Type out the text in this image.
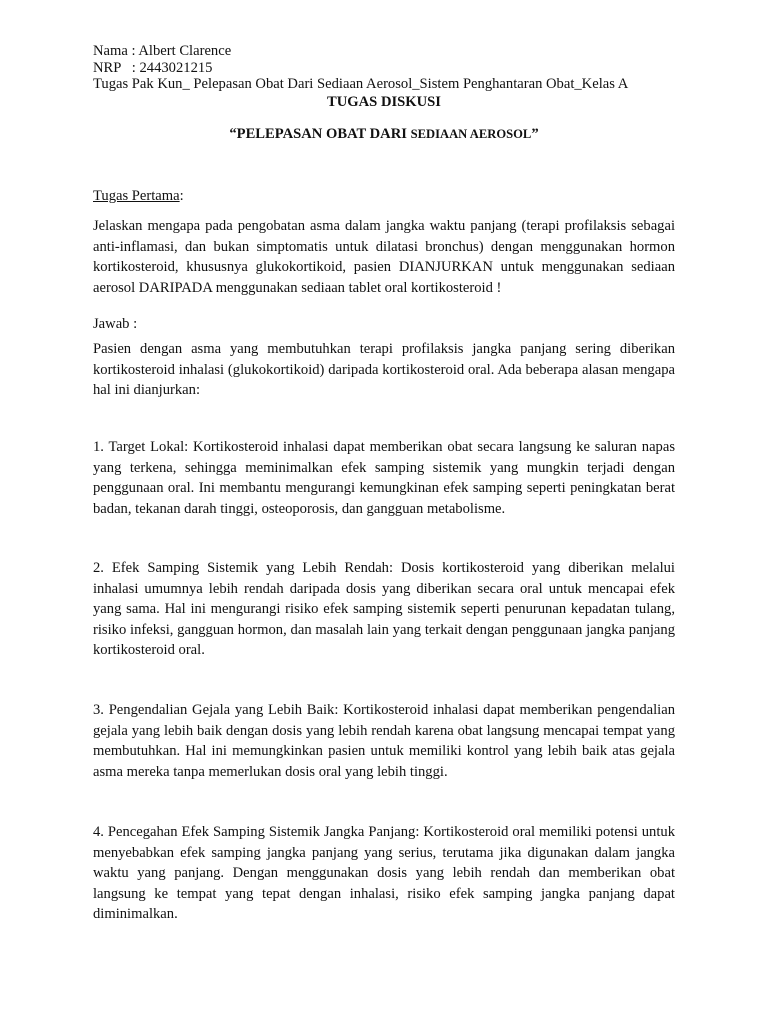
Nama : Albert Clarence
NRP   : 2443021215
Tugas Pak Kun_ Pelepasan Obat Dari Sediaan Aerosol_Sistem Penghantaran Obat_Kelas A
TUGAS DISKUSI
“PELEPASAN OBAT DARI SEDIAAN AEROSOL”
Tugas Pertama:
Jelaskan mengapa pada pengobatan asma dalam jangka waktu panjang (terapi profilaksis sebagai anti-inflamasi, dan bukan simptomatis untuk dilatasi bronchus) dengan menggunakan hormon kortikosteroid, khususnya glukokortikoid, pasien DIANJURKAN untuk menggunakan sediaan aerosol DARIPADA menggunakan sediaan tablet oral kortikosteroid !
Jawab :
Pasien dengan asma yang membutuhkan terapi profilaksis jangka panjang sering diberikan kortikosteroid inhalasi (glukokortikoid) daripada kortikosteroid oral. Ada beberapa alasan mengapa hal ini dianjurkan:
1. Target Lokal: Kortikosteroid inhalasi dapat memberikan obat secara langsung ke saluran napas yang terkena, sehingga meminimalkan efek samping sistemik yang mungkin terjadi dengan penggunaan oral. Ini membantu mengurangi kemungkinan efek samping seperti peningkatan berat badan, tekanan darah tinggi, osteoporosis, dan gangguan metabolisme.
2. Efek Samping Sistemik yang Lebih Rendah: Dosis kortikosteroid yang diberikan melalui inhalasi umumnya lebih rendah daripada dosis yang diberikan secara oral untuk mencapai efek yang sama. Hal ini mengurangi risiko efek samping sistemik seperti penurunan kepadatan tulang, risiko infeksi, gangguan hormon, dan masalah lain yang terkait dengan penggunaan jangka panjang kortikosteroid oral.
3. Pengendalian Gejala yang Lebih Baik: Kortikosteroid inhalasi dapat memberikan pengendalian gejala yang lebih baik dengan dosis yang lebih rendah karena obat langsung mencapai tempat yang membutuhkan. Hal ini memungkinkan pasien untuk memiliki kontrol yang lebih baik atas gejala asma mereka tanpa memerlukan dosis oral yang lebih tinggi.
4. Pencegahan Efek Samping Sistemik Jangka Panjang: Kortikosteroid oral memiliki potensi untuk menyebabkan efek samping jangka panjang yang serius, terutama jika digunakan dalam jangka waktu yang panjang. Dengan menggunakan dosis yang lebih rendah dan memberikan obat langsung ke tempat yang tepat dengan inhalasi, risiko efek samping jangka panjang dapat diminimalkan.
